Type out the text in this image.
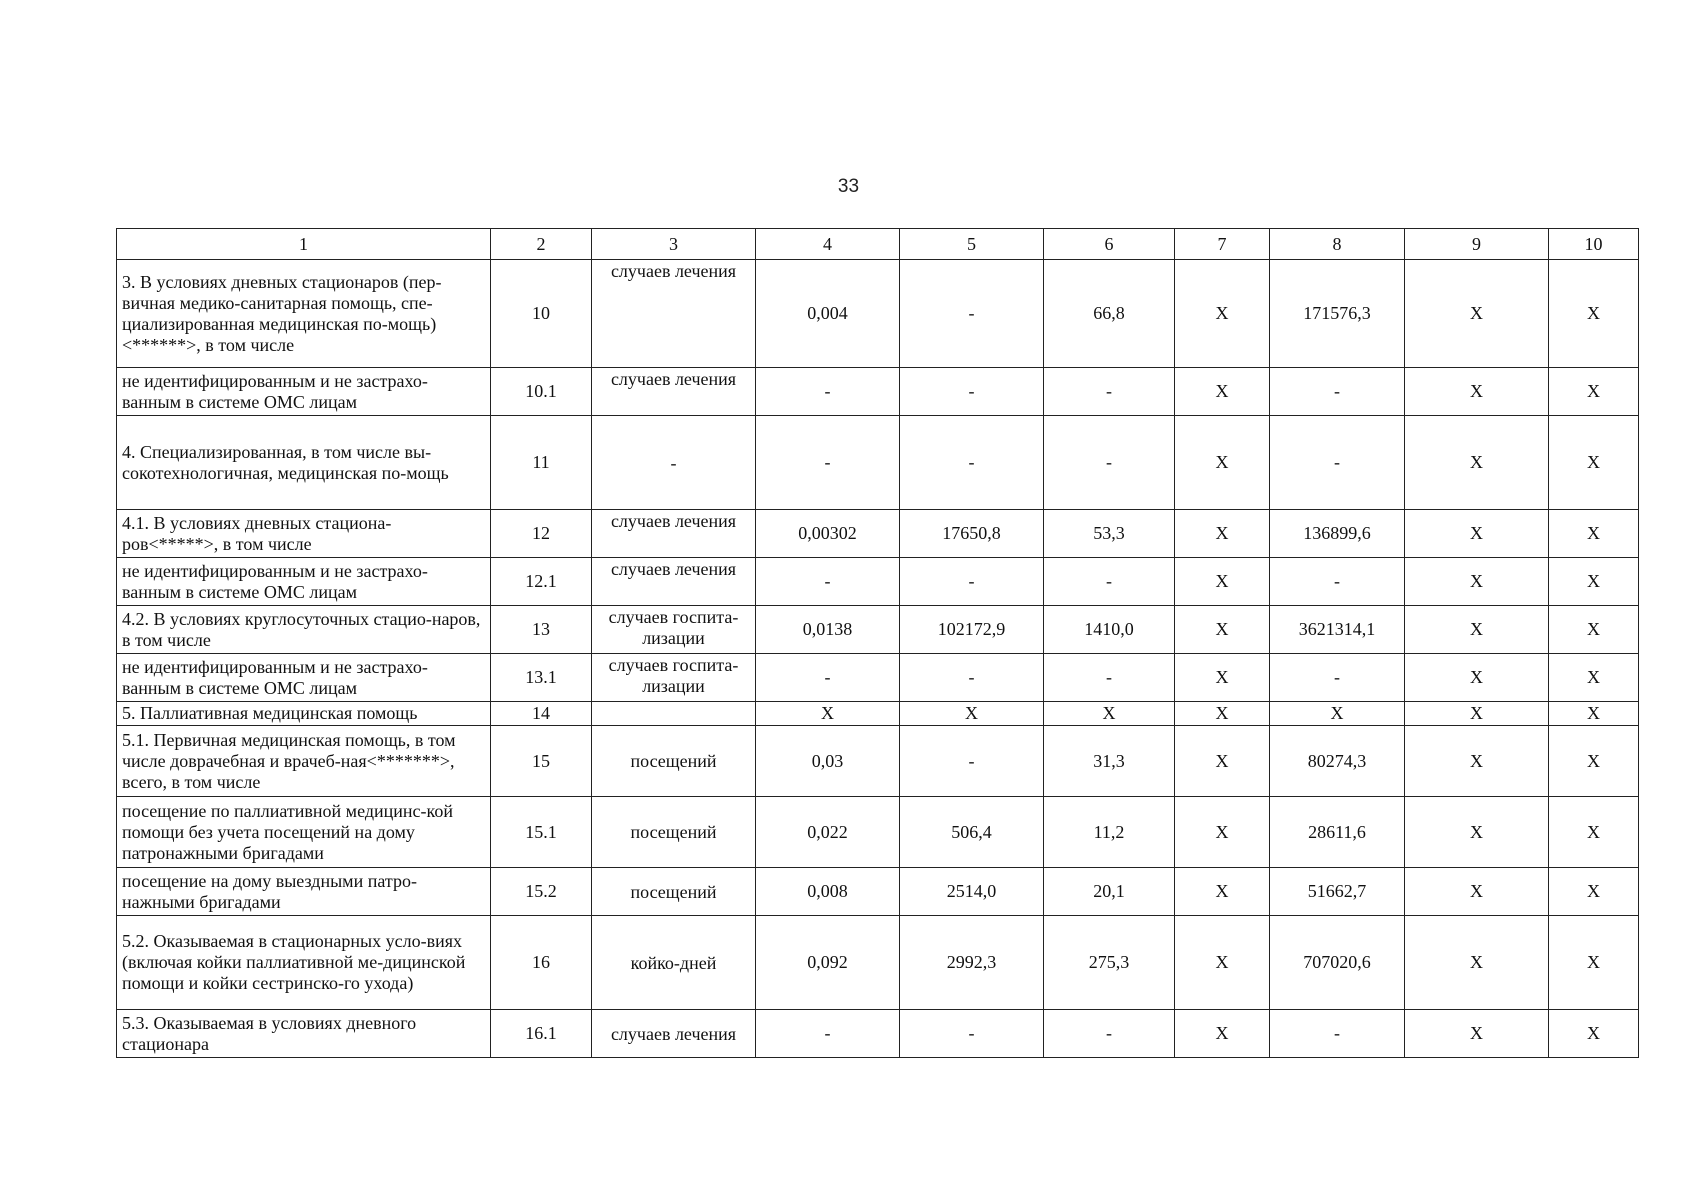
33
1	2	3	4	5	6	7	8	9	10
3. В условиях дневных стационаров (пер-вичная медико-санитарная помощь, спе-циализированная медицинская по-мощь)<******>, в том числе	10	случаев лечения	0,004	-	66,8	X	171576,3	X	X
не идентифицированным и не застрахо-ванным в системе ОМС лицам	10.1	случаев лечения	-	-	-	X	-	X	X
4. Специализированная, в том числе вы-сокотехнологичная, медицинская по-мощь	11	-	-	-	-	X	-	X	X
4.1. В условиях дневных стациона-ров<*****>, в том числе	12	случаев лечения	0,00302	17650,8	53,3	X	136899,6	X	X
не идентифицированным и не застрахо-ванным в системе ОМС лицам	12.1	случаев лечения	-	-	-	X	-	X	X
4.2. В условиях круглосуточных стацио-наров, в том числе	13	случаев госпита-лизации	0,0138	102172,9	1410,0	X	3621314,1	X	X
не идентифицированным и не застрахо-ванным в системе ОМС лицам	13.1	случаев госпита-лизации	-	-	-	X	-	X	X
5. Паллиативная медицинская помощь	14		X	X	X	X	X	X	X
5.1. Первичная медицинская помощь, в том числе доврачебная и врачеб-ная<*******>, всего, в том числе	15	посещений	0,03	-	31,3	X	80274,3	X	X
посещение по паллиативной медицинс-кой помощи без учета посещений на дому патронажными бригадами	15.1	посещений	0,022	506,4	11,2	X	28611,6	X	X
посещение на дому выездными патро-нажными бригадами	15.2	посещений	0,008	2514,0	20,1	X	51662,7	X	X
5.2. Оказываемая в стационарных усло-виях (включая койки паллиативной ме-дицинской помощи и койки сестринско-го ухода)	16	койко-дней	0,092	2992,3	275,3	X	707020,6	X	X
5.3. Оказываемая в условиях дневного стационара	16.1	случаев лечения	-	-	-	X	-	X	X
